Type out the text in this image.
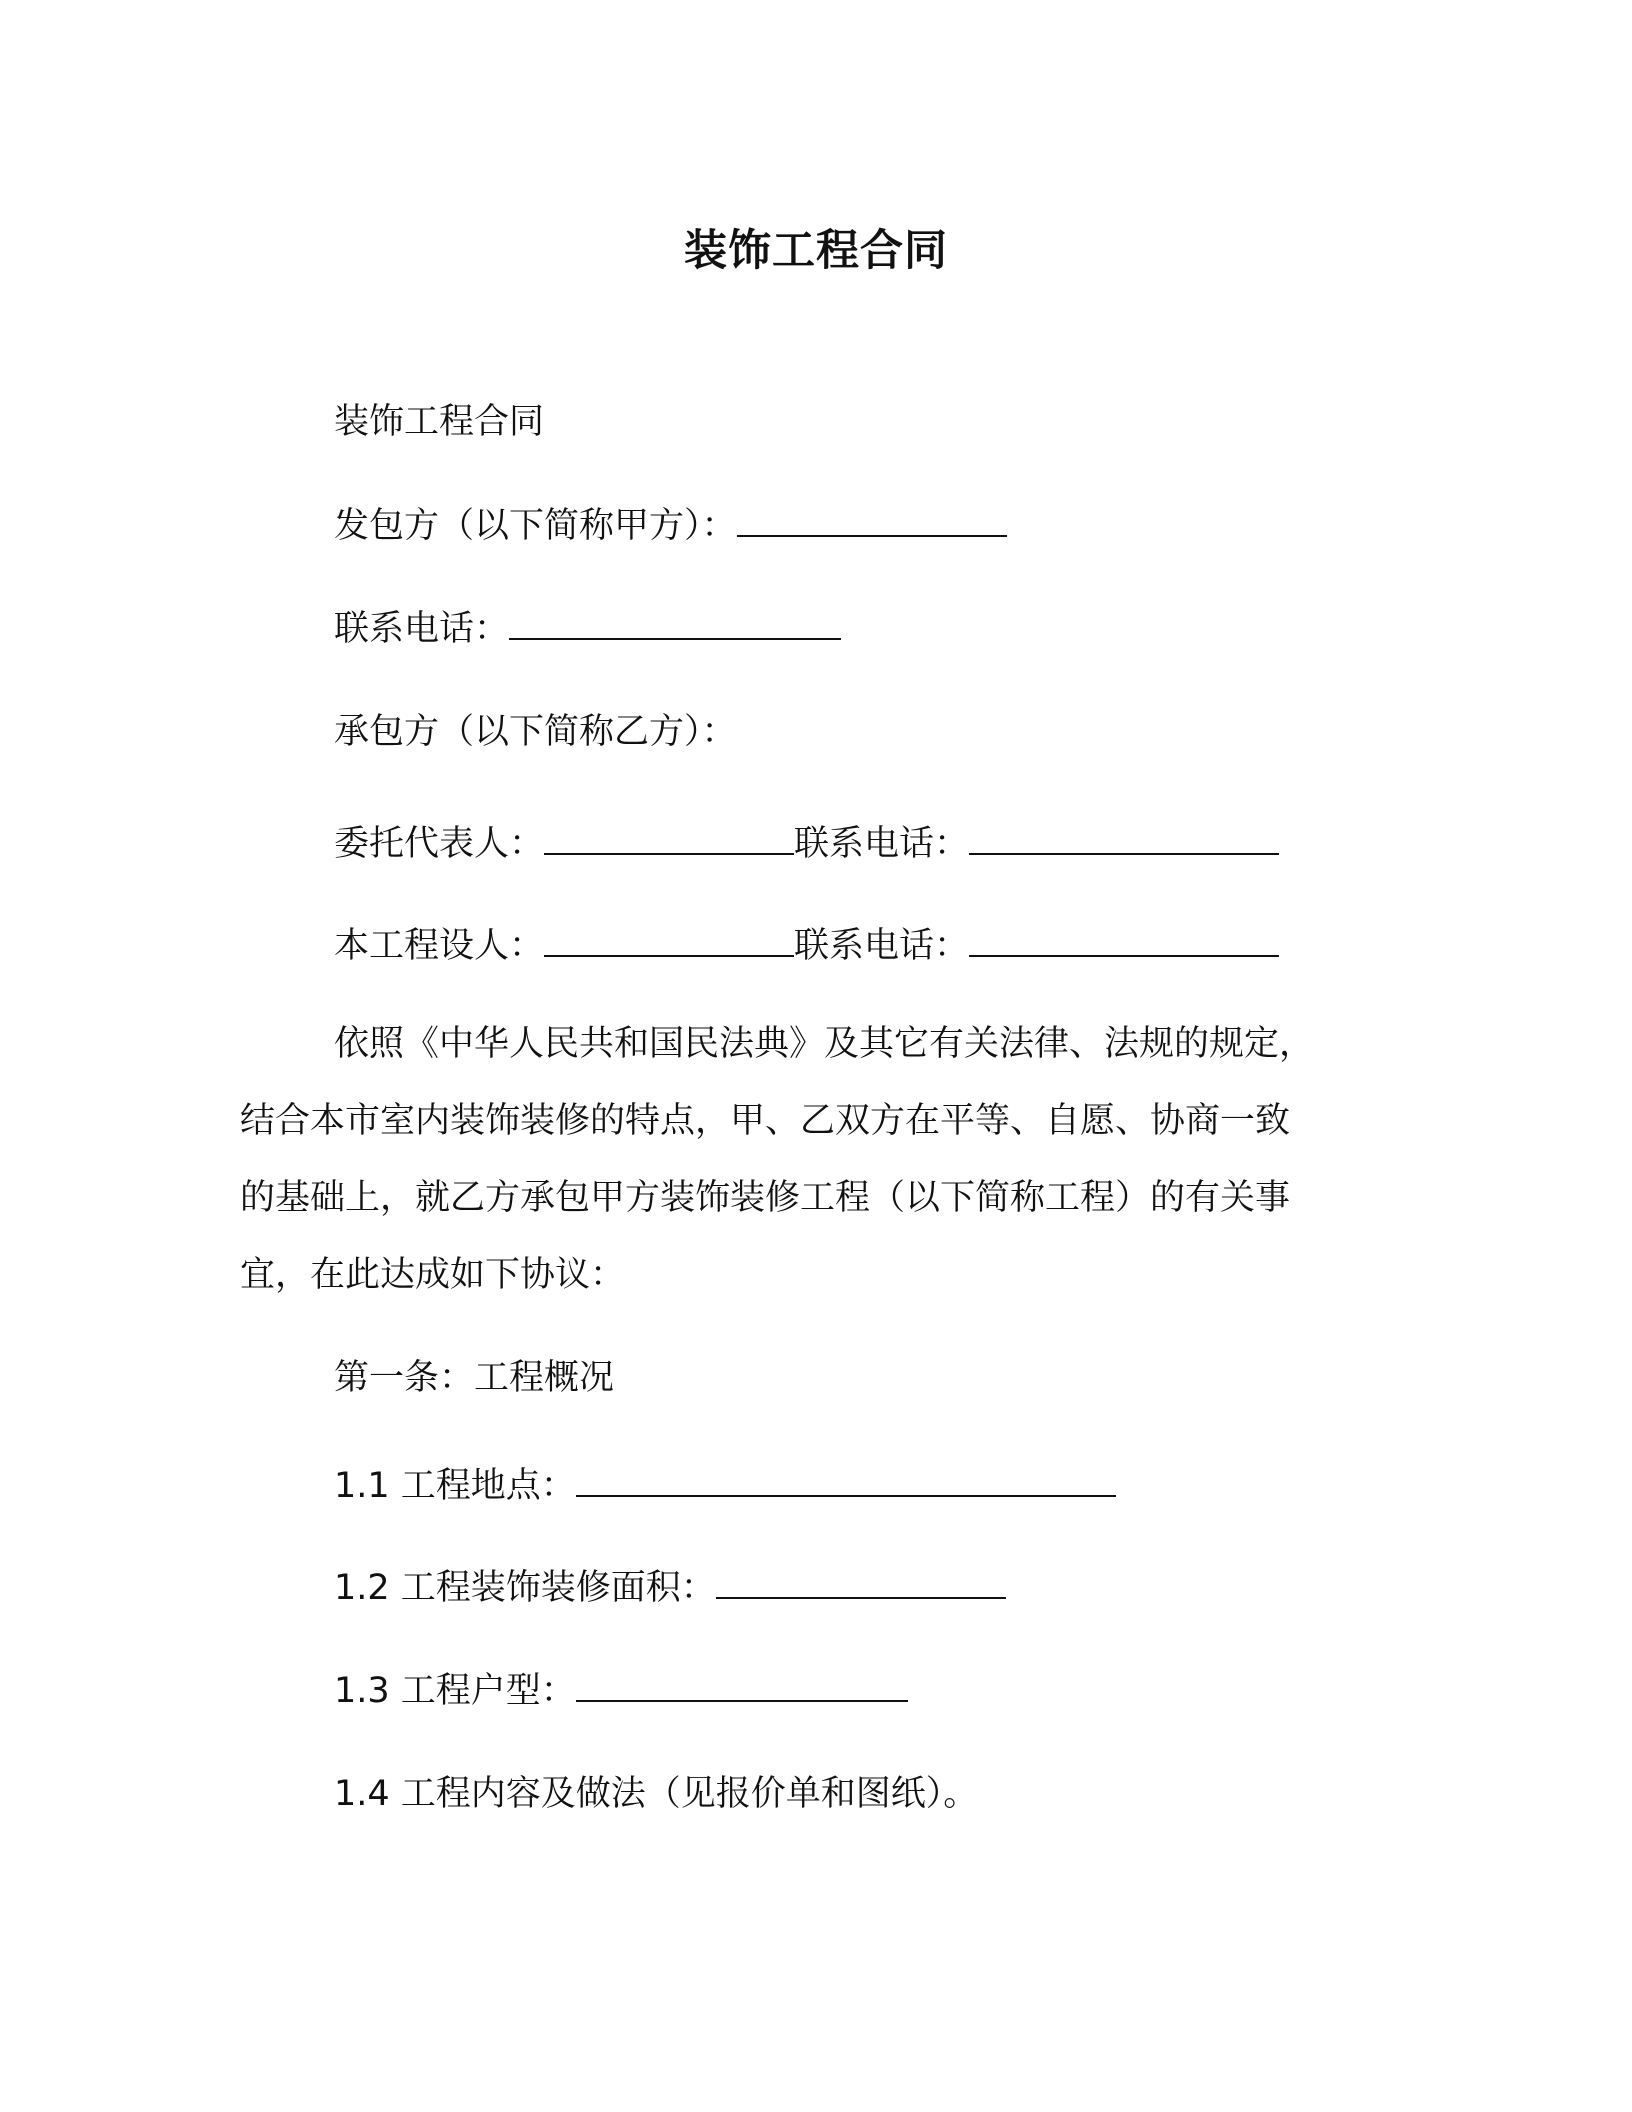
装饰工程合同
装饰工程合同
发包方（以下简称甲方）：
联系电话：
承包方（以下简称乙方）：
委托代表人：	联系电话：
本工程设人：	联系电话：
依照《中华人民共和国民法典》及其它有关法律、法规的规定，
结合本市室内装饰装修的特点，甲、乙双方在平等、自愿、协商一致
的基础上，就乙方承包甲方装饰装修工程（以下简称工程）的有关事
宜，在此达成如下协议：
第一条：工程概况
1.1 工程地点：
1.2 工程装饰装修面积：
1.3 工程户型：
1.4 工程内容及做法（见报价单和图纸）。
